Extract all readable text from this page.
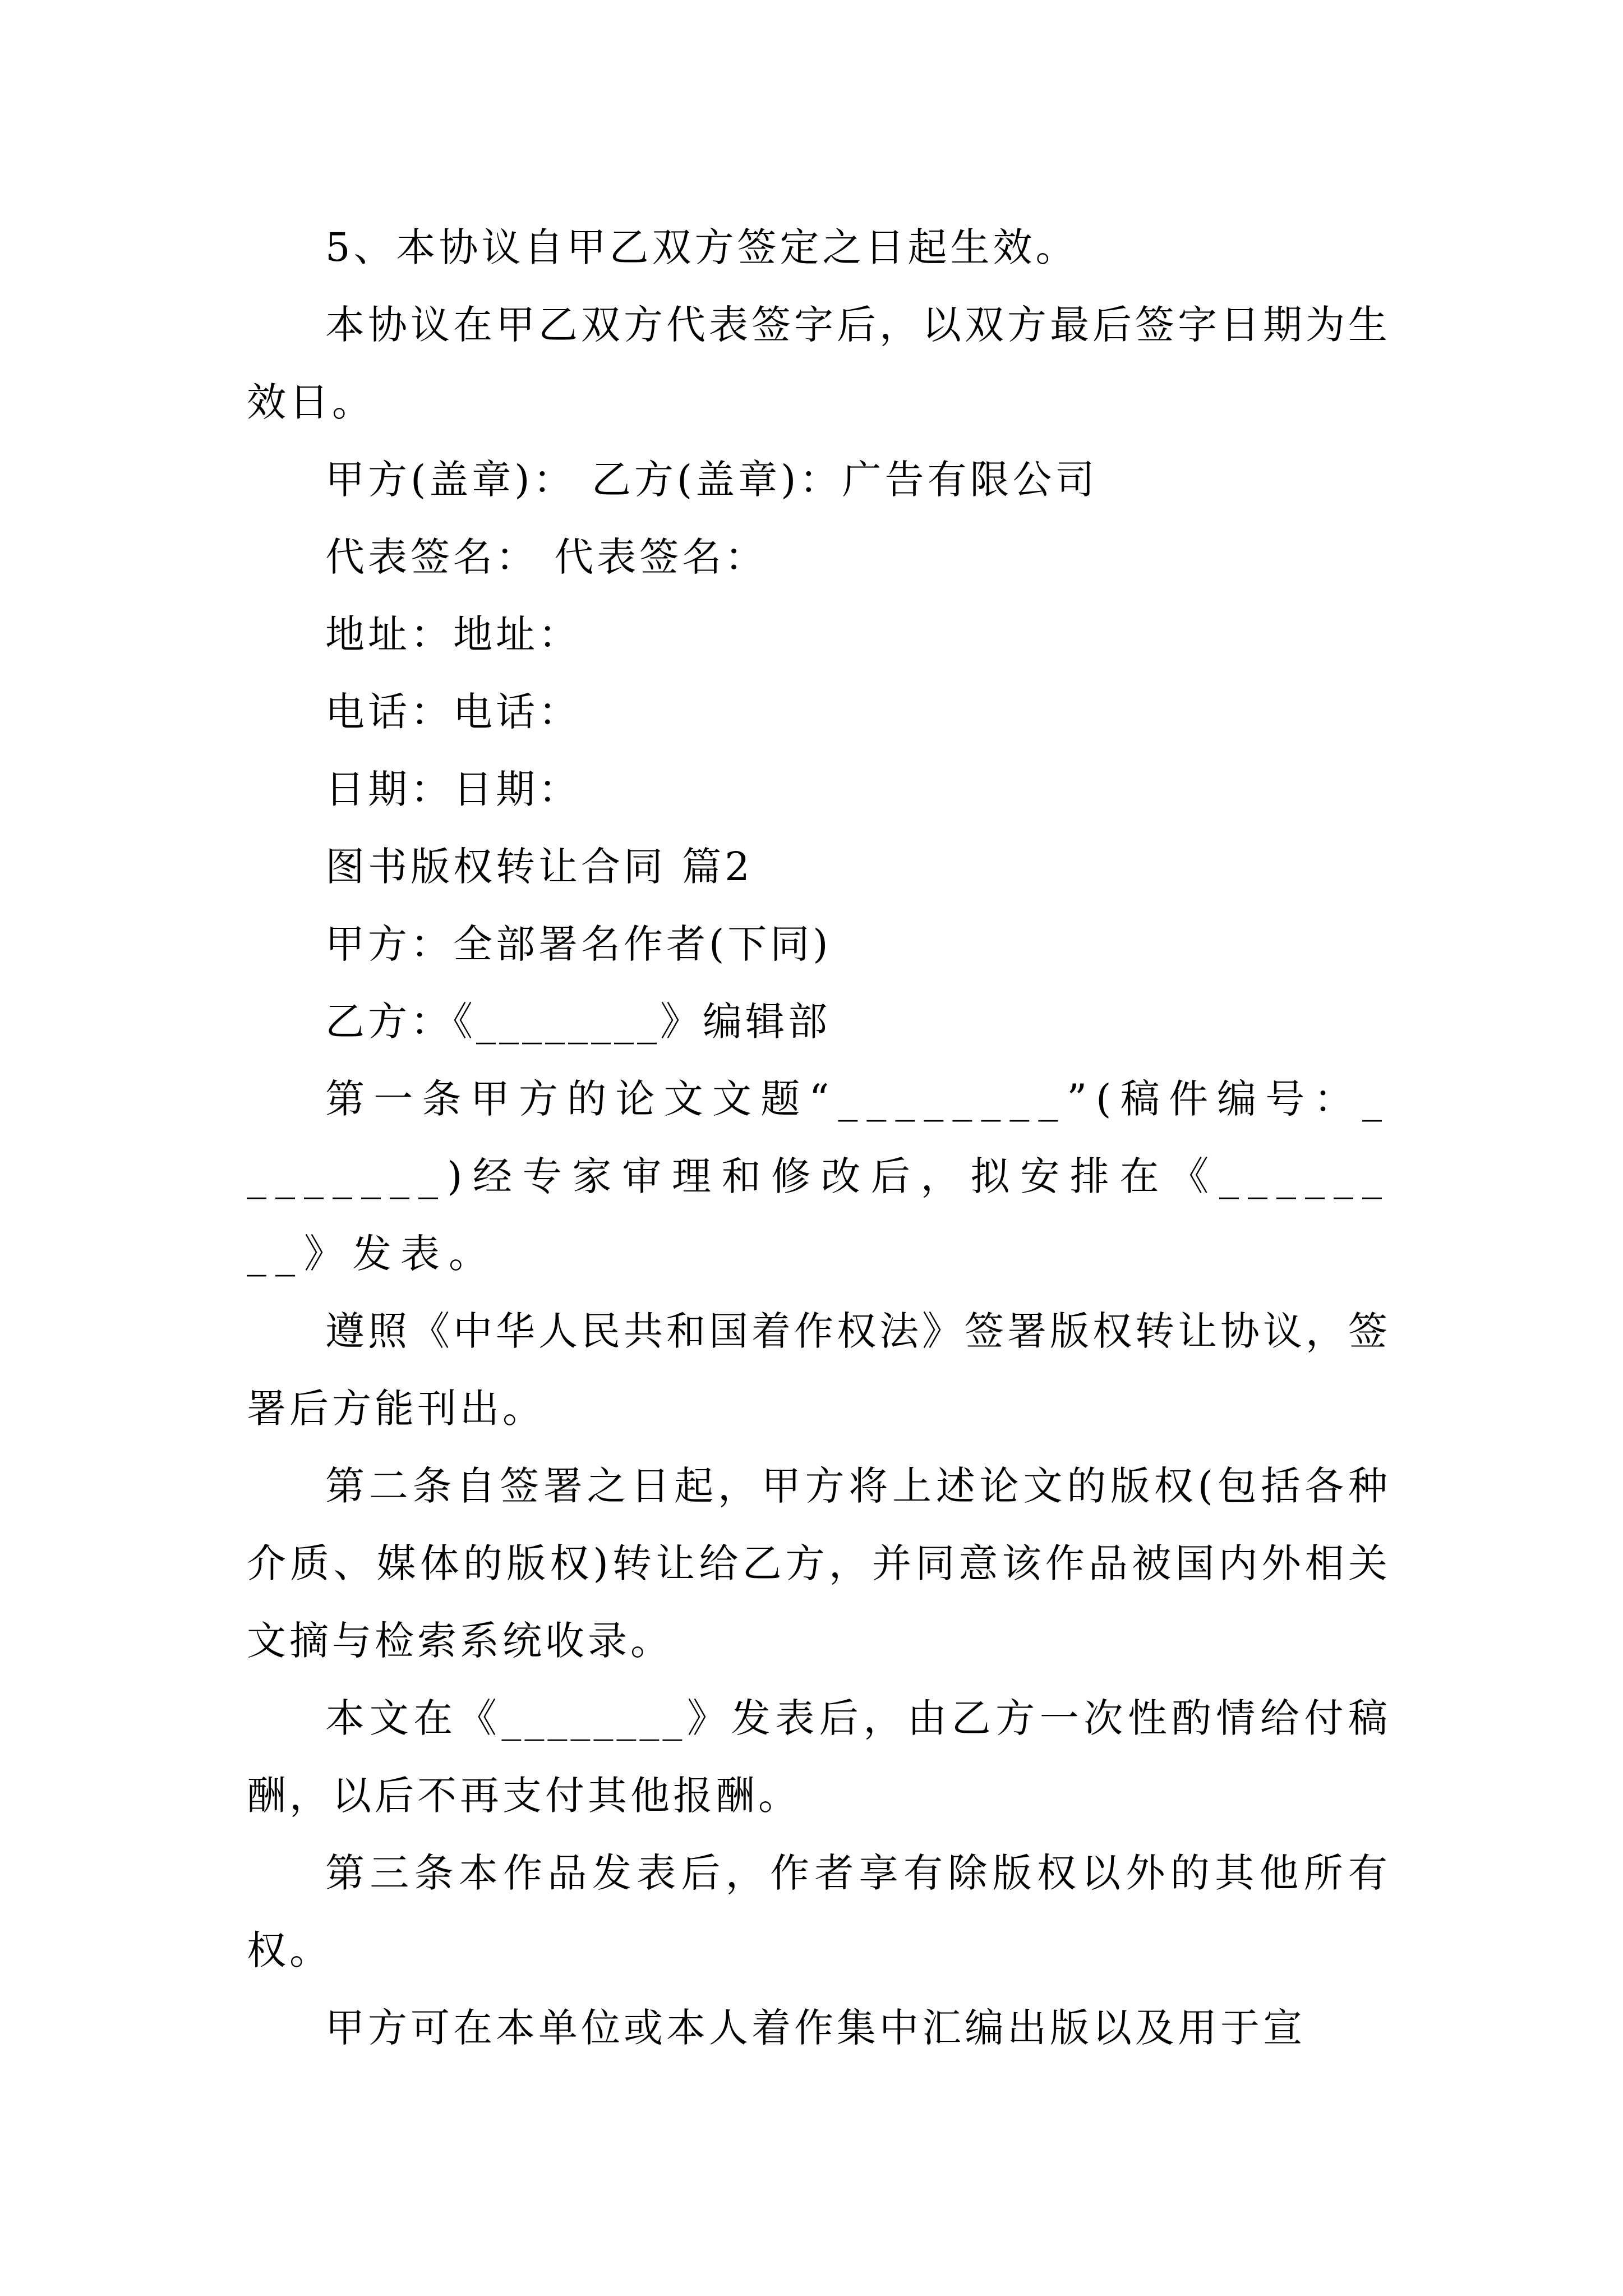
5、本协议自甲乙双方签定之日起生效。

本协议在甲乙双方代表签字后，以双方最后签字日期为生效日。

甲方(盖章)： 乙方(盖章)：广告有限公司

代表签名： 代表签名：

地址：地址：

电话：电话：

日期：日期：

图书版权转让合同 篇2

甲方：全部署名作者(下同)

乙方：《________》编辑部

第一条甲方的论文文题“________”(稿件编号：________)经专家审理和修改后，拟安排在《________》发表。

遵照《中华人民共和国着作权法》签署版权转让协议，签署后方能刊出。

第二条自签署之日起，甲方将上述论文的版权(包括各种介质、媒体的版权)转让给乙方，并同意该作品被国内外相关文摘与检索系统收录。

本文在《________》发表后，由乙方一次性酌情给付稿酬，以后不再支付其他报酬。

第三条本作品发表后，作者享有除版权以外的其他所有权。

甲方可在本单位或本人着作集中汇编出版以及用于宣
